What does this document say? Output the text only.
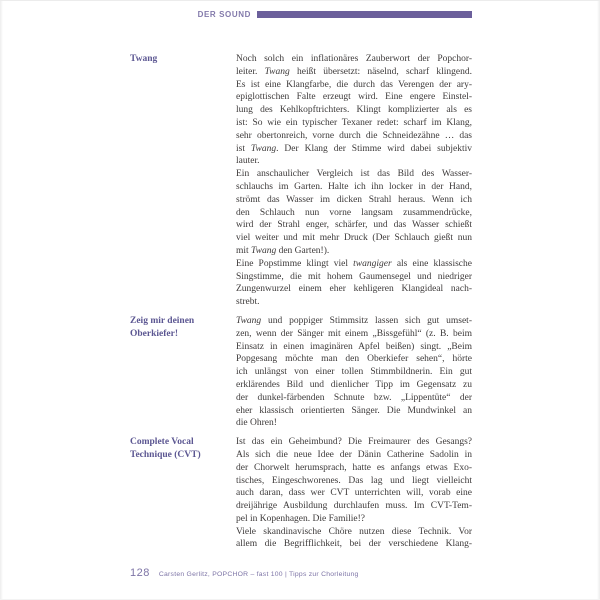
DER SOUND
Twang	Noch solch ein inflationäres Zauberwort der Popchor-
leiter. Twang heißt übersetzt: näselnd, scharf klingend.
Es ist eine Klangfarbe, die durch das Verengen der ary-
epiglottischen Falte erzeugt wird. Eine engere Einstel-
lung des Kehlkopftrichters. Klingt komplizierter als es
ist: So wie ein typischer Texaner redet: scharf im Klang,
sehr obertonreich, vorne durch die Schneidezähne … das
ist Twang. Der Klang der Stimme wird dabei subjektiv
lauter.
Ein anschaulicher Vergleich ist das Bild des Wasser-
schlauchs im Garten. Halte ich ihn locker in der Hand,
strömt das Wasser im dicken Strahl heraus. Wenn ich
den Schlauch nun vorne langsam zusammendrücke,
wird der Strahl enger, schärfer, und das Wasser schießt
viel weiter und mit mehr Druck (Der Schlauch gießt nun
mit Twang den Garten!).
Eine Popstimme klingt viel twangiger als eine klassische
Singstimme, die mit hohem Gaumensegel und niedriger
Zungenwurzel einem eher kehligeren Klangideal nach-
strebt.
Zeig mir deinen Oberkiefer!
Twang und poppiger Stimmsitz lassen sich gut umset-
zen, wenn der Sänger mit einem „Bissgefühl“ (z. B. beim
Einsatz in einen imaginären Apfel beißen) singt. „Beim
Popgesang möchte man den Oberkiefer sehen“, hörte
ich unlängst von einer tollen Stimmbildnerin. Ein gut
erklärendes Bild und dienlicher Tipp im Gegensatz zu
der dunkel-färbenden Schnute bzw. „Lippentüte“ der
eher klassisch orientierten Sänger. Die Mundwinkel an
die Ohren!
Complete Vocal Technique (CVT)
Ist das ein Geheimbund? Die Freimaurer des Gesangs?
Als sich die neue Idee der Dänin Catherine Sadolin in
der Chorwelt herumsprach, hatte es anfangs etwas Exo-
tisches, Eingeschworenes. Das lag und liegt vielleicht
auch daran, dass wer CVT unterrichten will, vorab eine
dreijährige Ausbildung durchlaufen muss. Im CVT-Tem-
pel in Kopenhagen. Die Familie!?
Viele skandinavische Chöre nutzen diese Technik. Vor
allem die Begrifflichkeit, bei der verschiedene Klang-
128 Carsten Gerlitz, POPCHOR – fast 100 | Tipps zur Chorleitung
